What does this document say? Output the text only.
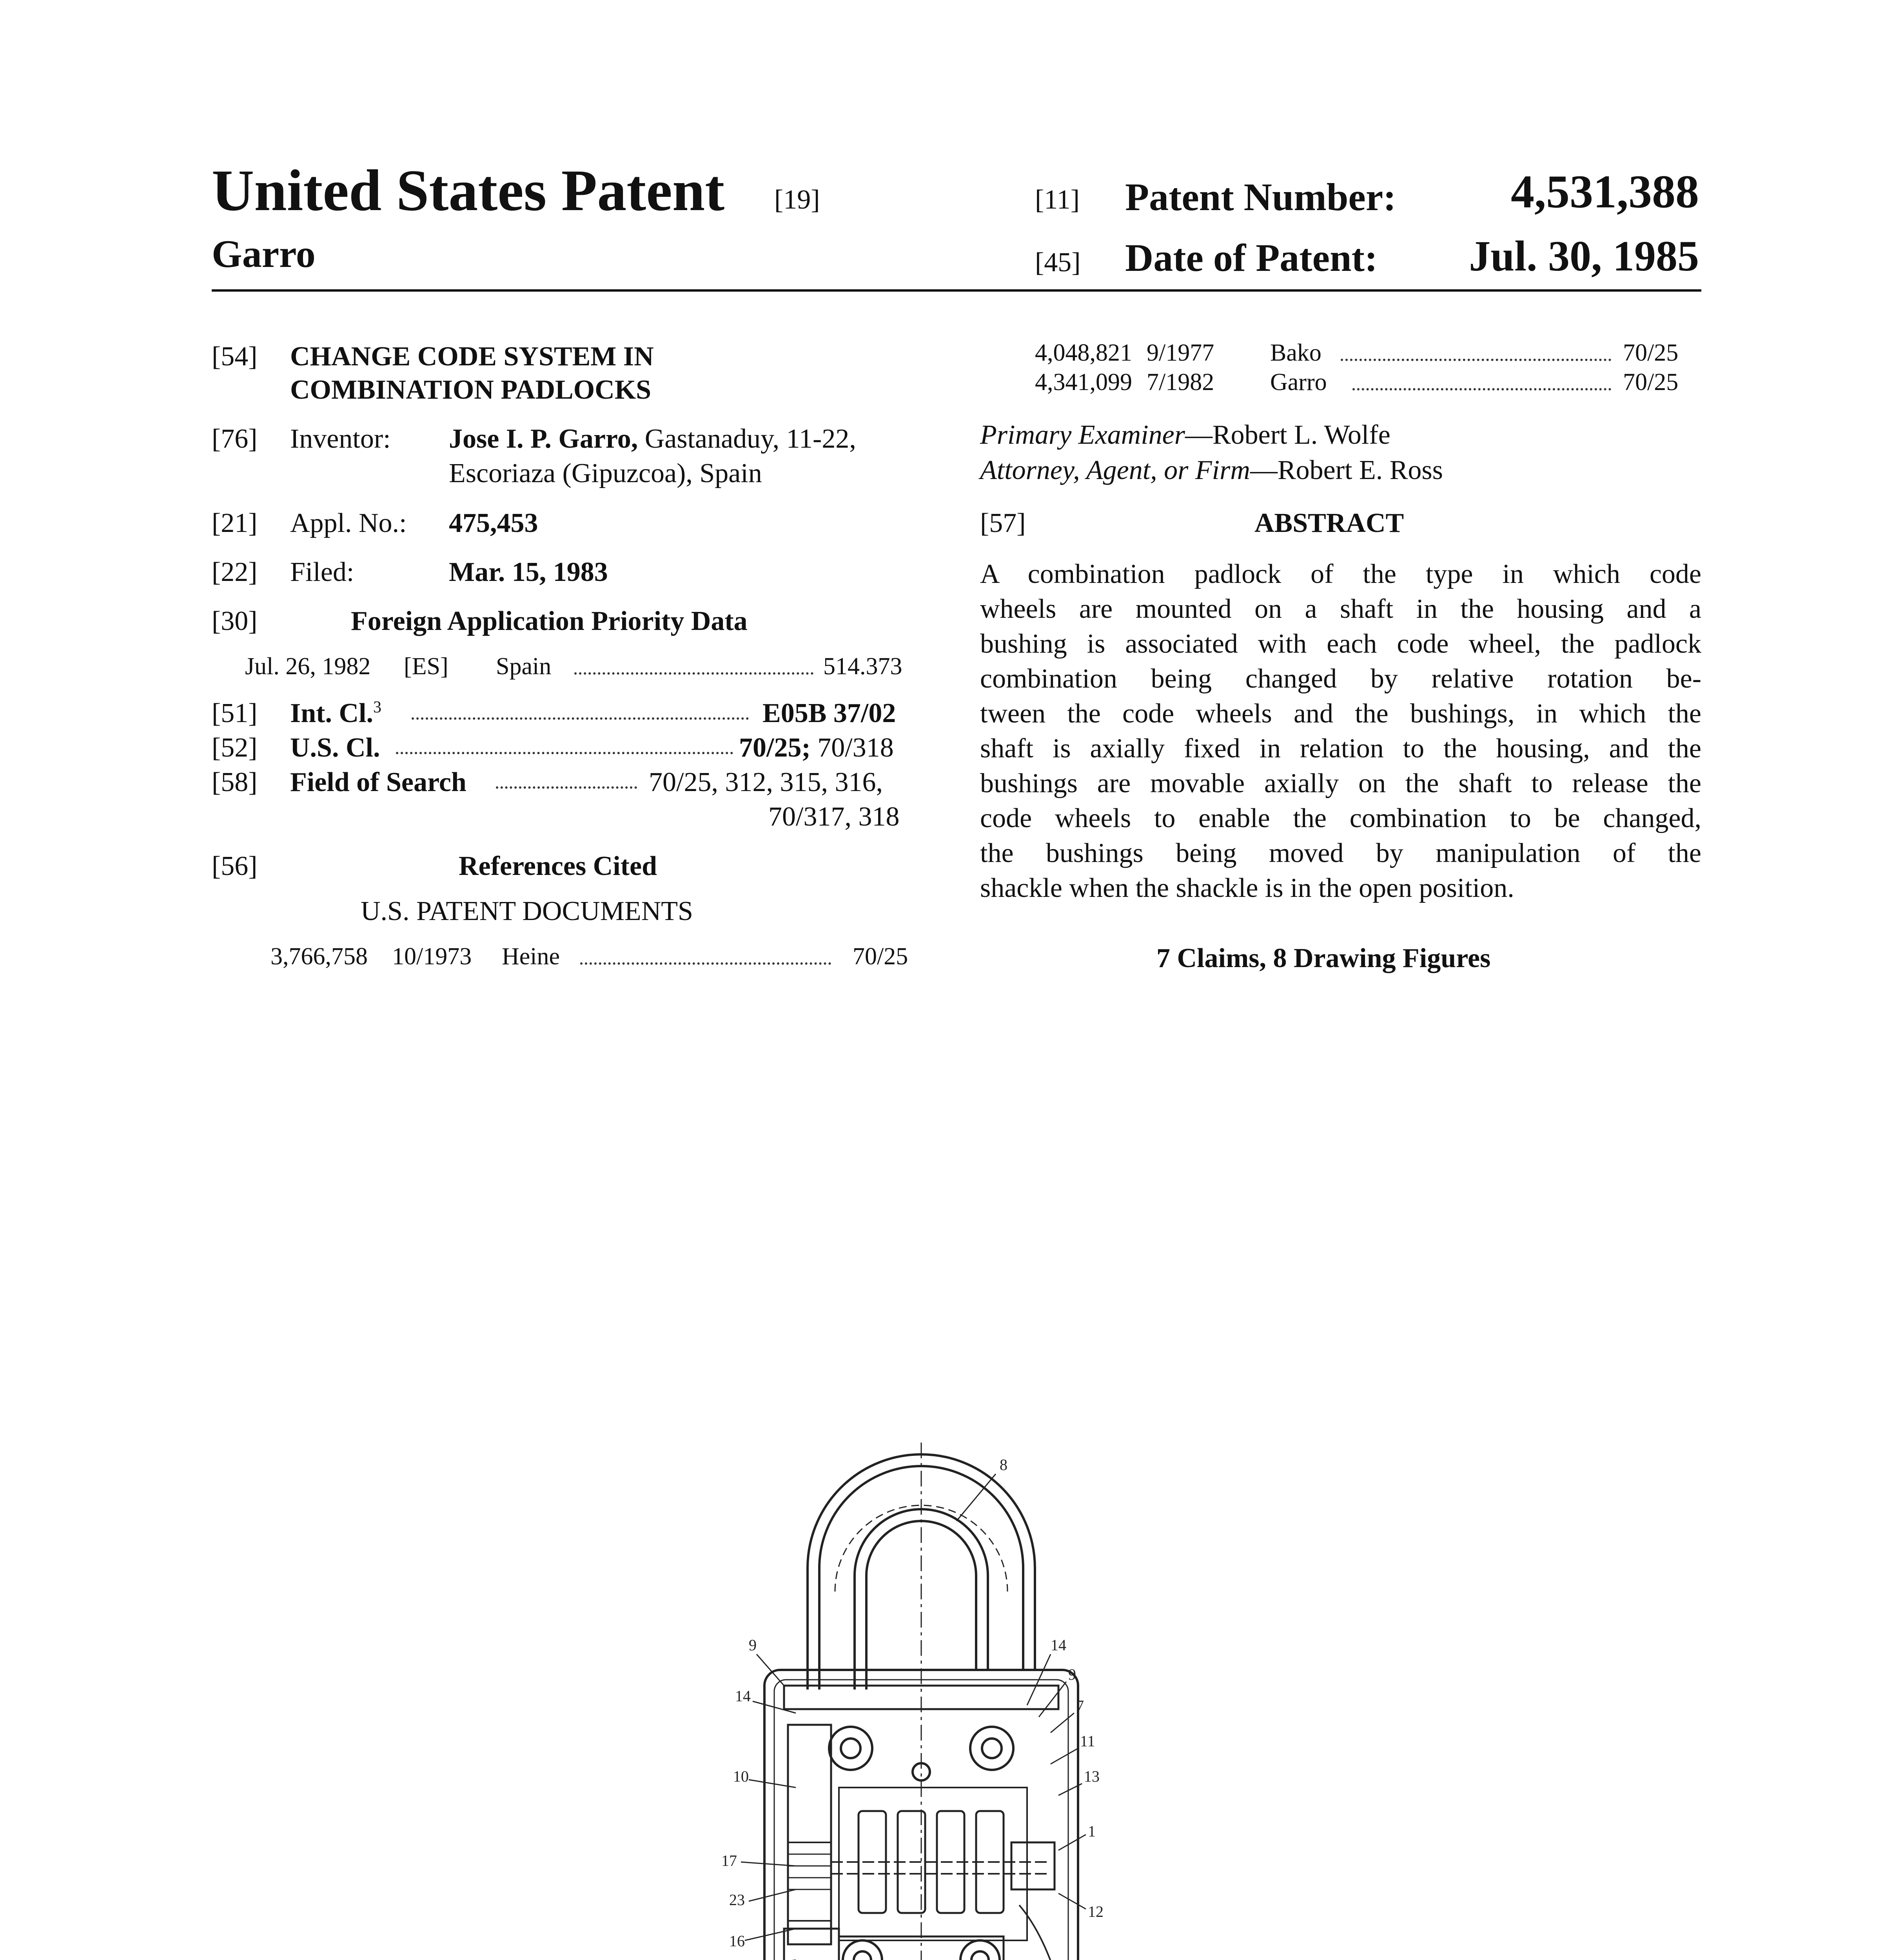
United States Patent [19]
Garro
[11] Patent Number: 4,531,388
[45] Date of Patent: Jul. 30, 1985
[54] CHANGE CODE SYSTEM IN
COMBINATION PADLOCKS
[76] Inventor: Jose I. P. Garro, Gastanaduy, 11-22,
Escoriaza (Gipuzcoa), Spain
[21] Appl. No.: 475,453
[22] Filed:	Mar. 15, 1983
[30]	Foreign Application Priority Data
Jul. 26, 1982 [ES] Spain	514.373
[51] Int. Cl.$^3$	E05B 37/02
[52] U.S. Cl.	70/25; 70/318
[58] Field of Search	70/25, 312, 315, 316,
70/317, 318
[56]	References Cited
U.S. PATENT DOCUMENTS
3,766,758 10/1973 Heine	70/25
4,048,821 9/1977 Bako	70/25
4,341,099 7/1982 Garro	70/25
Primary Examiner—Robert L. Wolfe
Attorney, Agent, or Firm—Robert E. Ross
[57]	ABSTRACT
A combination padlock of the type in which code
wheels are mounted on a shaft in the housing and a
bushing is associated with each code wheel, the padlock
combination being changed by relative rotation be-
tween the code wheels and the bushings, in which the
shaft is axially fixed in relation to the housing, and the
bushings are movable axially on the shaft to release the
code wheels to enable the combination to be changed,
the bushings being moved by manipulation of the
shackle when the shackle is in the open position.
7 Claims, 8 Drawing Figures
8
14
9
7
11
13
1
12
9
14
10
17
23
16
